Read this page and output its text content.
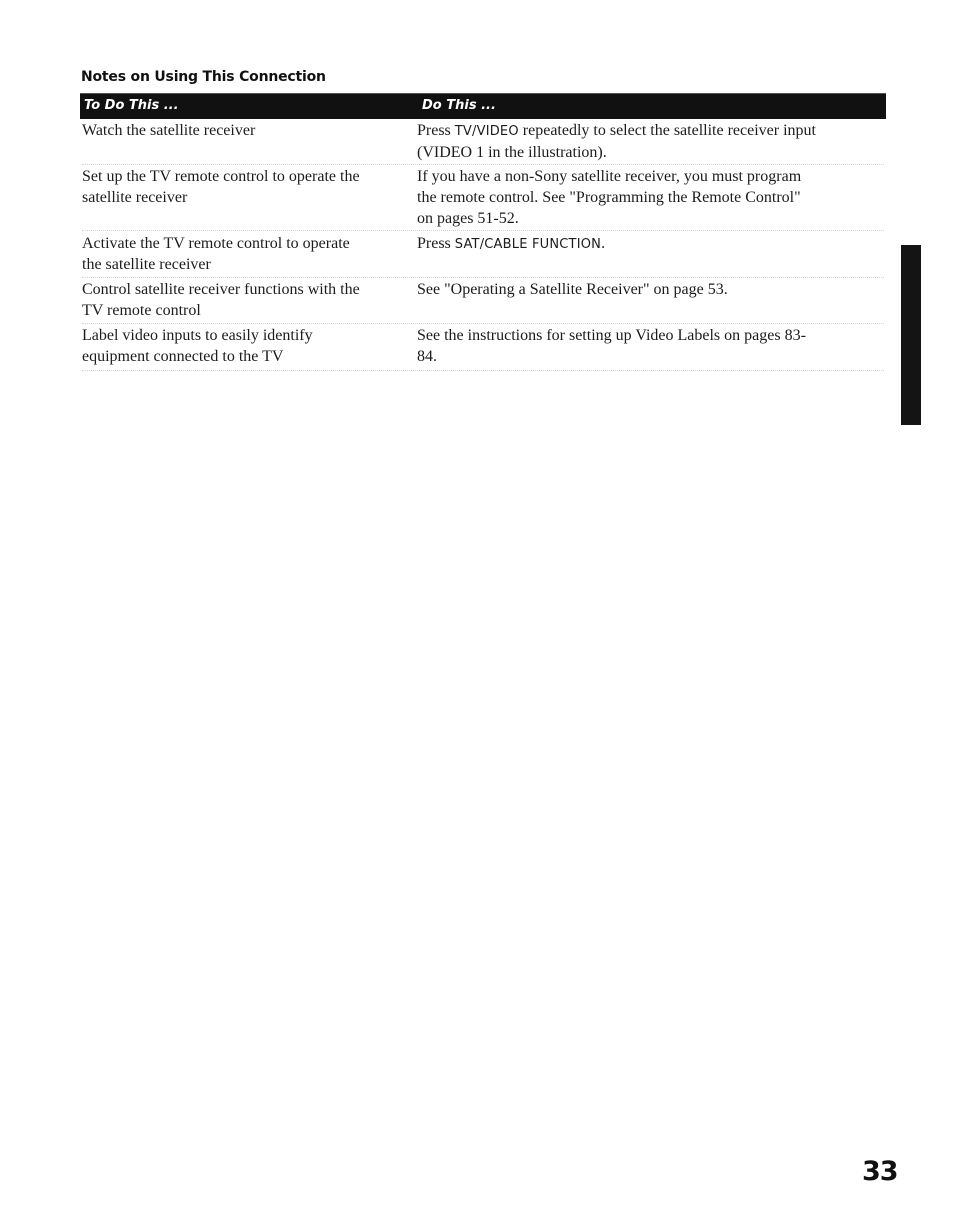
Notes on Using This Connection
To Do This ...	Do This ...
Watch the satellite receiver	Press TV/VIDEO repeatedly to select the satellite receiver input
(VIDEO 1 in the illustration).
Set up the TV remote control to operate the
satellite receiver
If you have a non-Sony satellite receiver, you must program
the remote control. See "Programming the Remote Control"
on pages 51-52.
Activate the TV remote control to operate
the satellite receiver
Press SAT/CABLE FUNCTION.
Control satellite receiver functions with the
TV remote control
See "Operating a Satellite Receiver" on page 53.
Label video inputs to easily identify
equipment connected to the TV
See the instructions for setting up Video Labels on pages 83-
84.
33
